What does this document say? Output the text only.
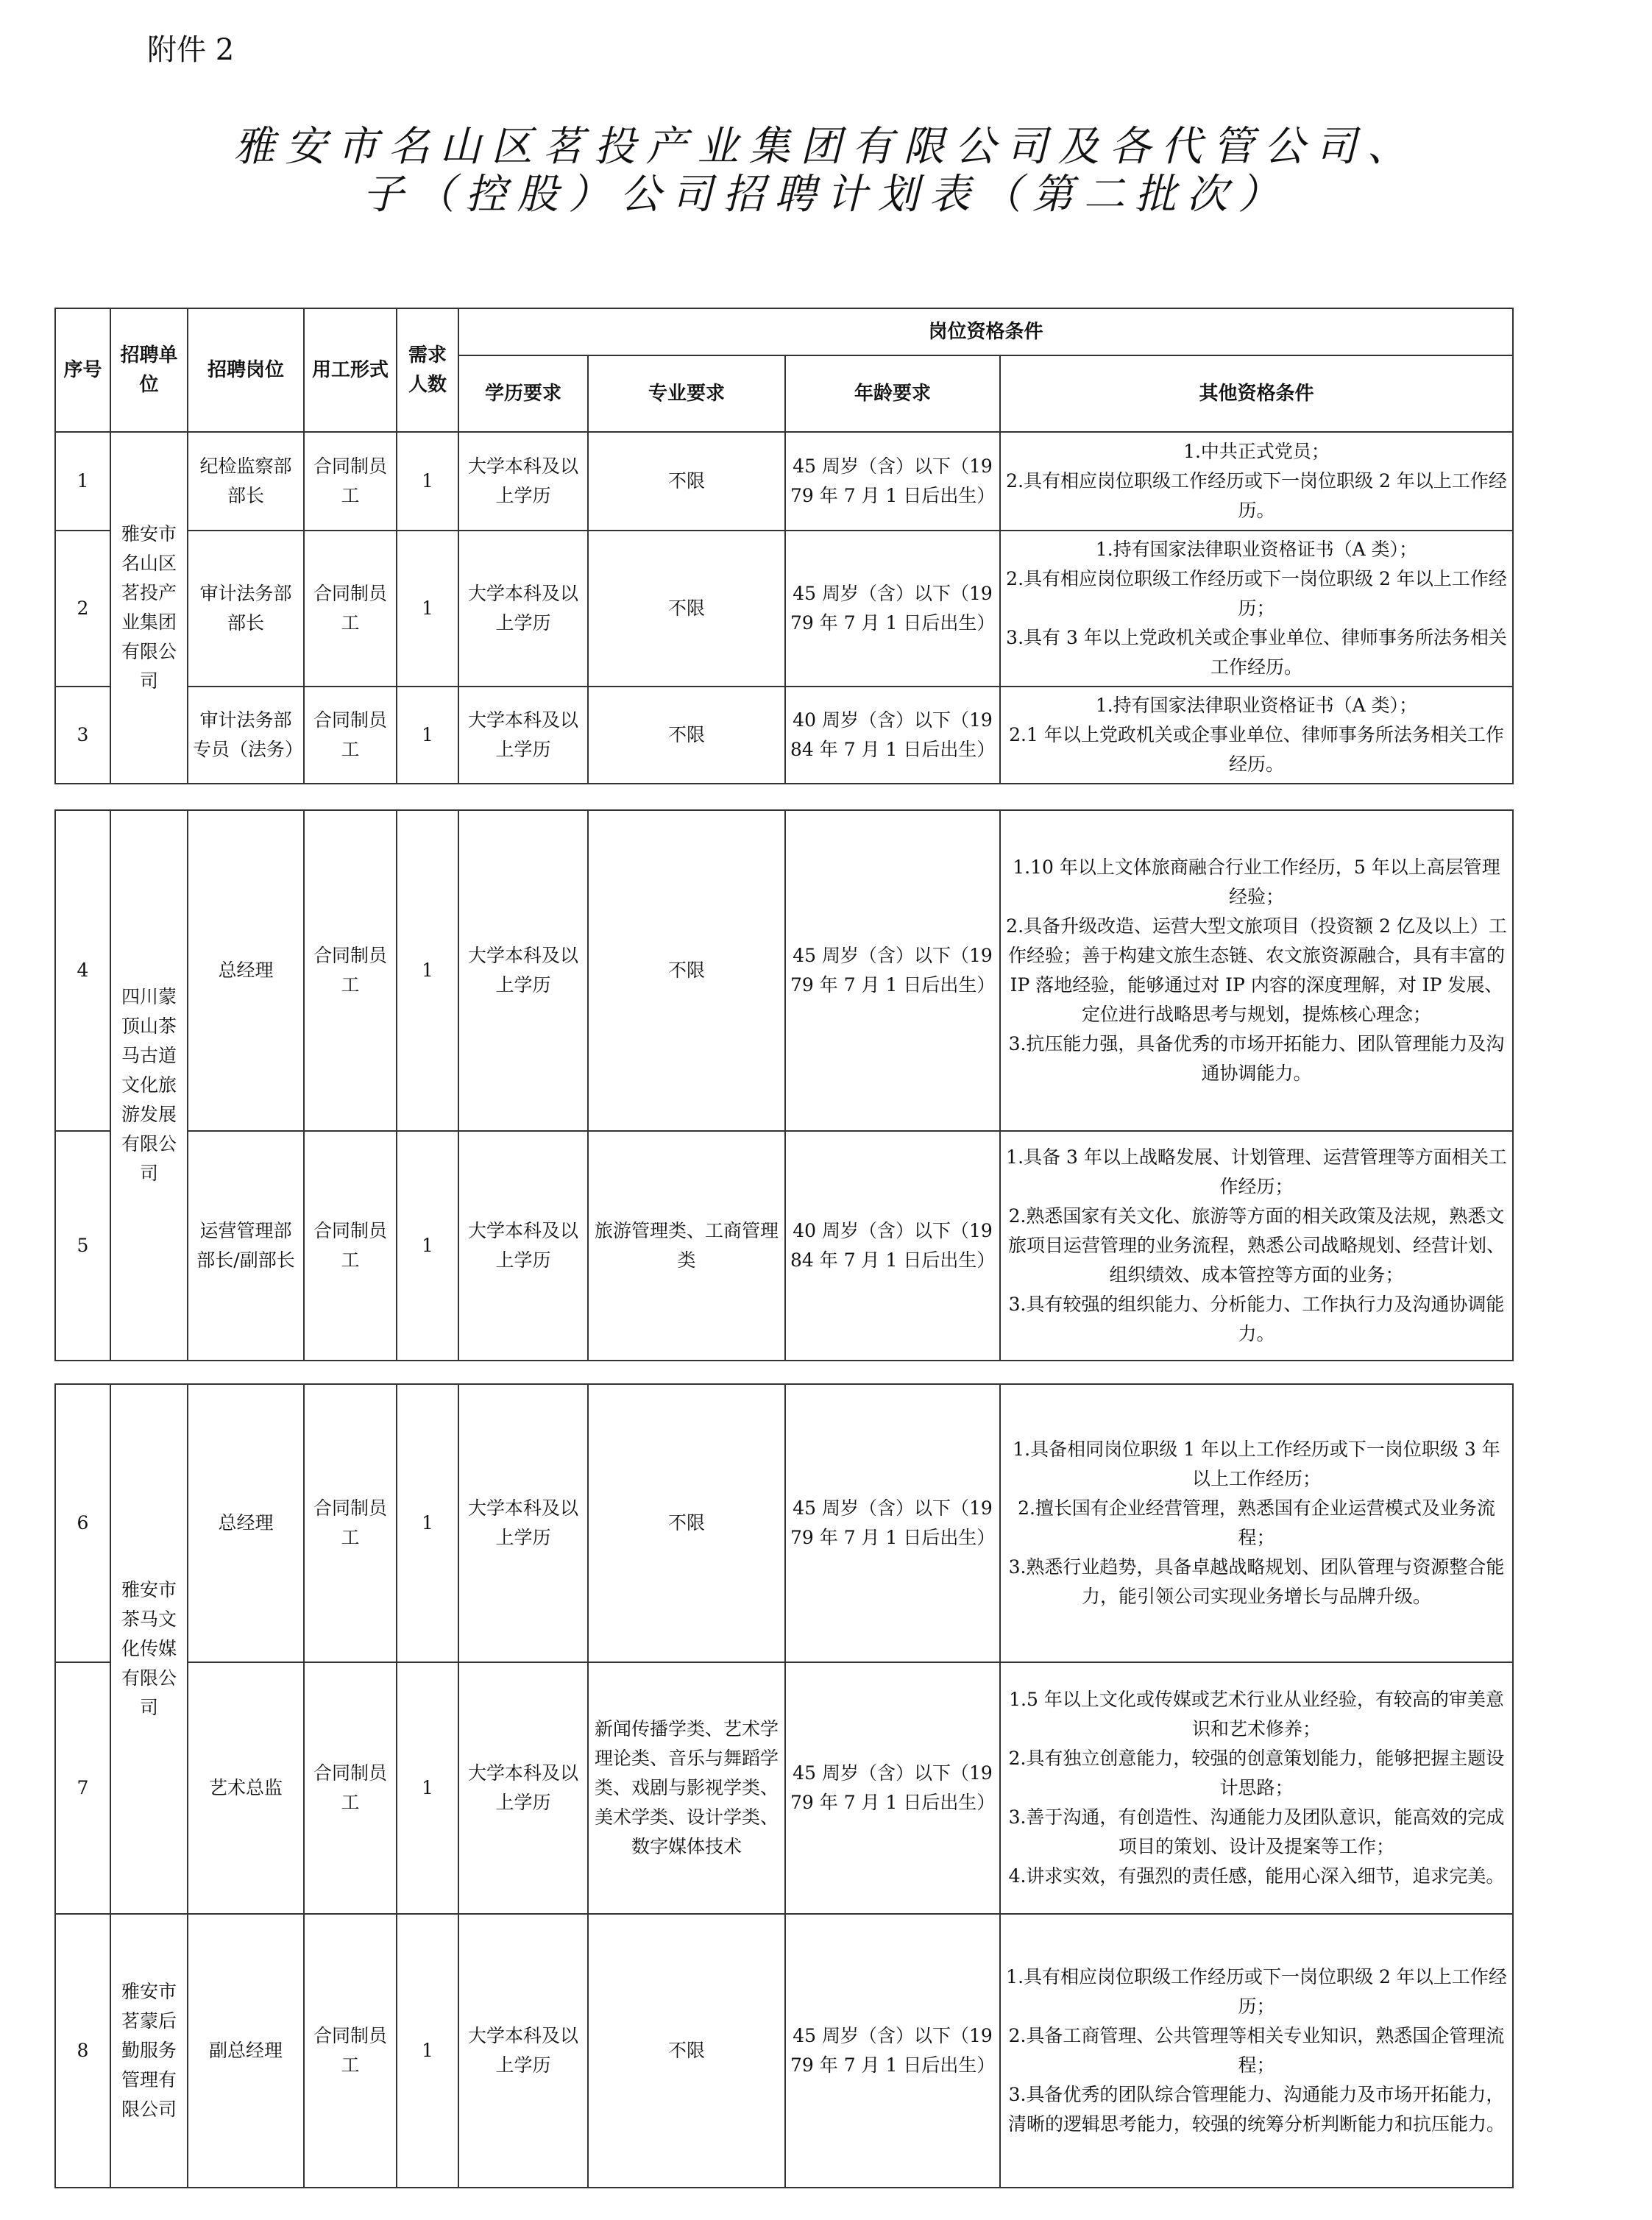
附件 2
雅安市名山区茗投产业集团有限公司及各代管公司、
子（控股）公司招聘计划表（第二批次）
序号	招聘单位	招聘岗位	用工形式	需求人数	岗位资格条件			
					学历要求	专业要求	年龄要求	其他资格条件
1	雅安市名山区茗投产业集团有限公司	纪检监察部部长	合同制员工	1	大学本科及以上学历	不限	45 周岁（含）以下（1979 年 7 月 1 日后出生）	1.中共正式党员；
2.具有相应岗位职级工作经历或下一岗位职级 2 年以上工作经历。

2		审计法务部部长	合同制员工	1	大学本科及以上学历	不限	45 周岁（含）以下（1979 年 7 月 1 日后出生）	1.持有国家法律职业资格证书（A 类）；
2.具有相应岗位职级工作经历或下一岗位职级 2 年以上工作经历；
3.具有 3 年以上党政机关或企事业单位、律师事务所法务相关工作经历。

3		审计法务部专员（法务）	合同制员工	1	大学本科及以上学历	不限	40 周岁（含）以下（1984 年 7 月 1 日后出生）	1.持有国家法律职业资格证书（A 类）；
2.1 年以上党政机关或企事业单位、律师事务所法务相关工作经历。
4	四川蒙顶山茶马古道文化旅游发展有限公司	总经理	合同制员工	1	大学本科及以上学历	不限	45 周岁（含）以下（1979 年 7 月 1 日后出生）	1.10 年以上文体旅商融合行业工作经历，5 年以上高层管理经验；
2.具备升级改造、运营大型文旅项目（投资额 2 亿及以上）工作经验；善于构建文旅生态链、农文旅资源融合，具有丰富的 IP 落地经验，能够通过对 IP 内容的深度理解，对 IP 发展、定位进行战略思考与规划，提炼核心理念；
3.抗压能力强，具备优秀的市场开拓能力、团队管理能力及沟通协调能力。

5		运营管理部部长/副部长	合同制员工	1	大学本科及以上学历	旅游管理类、工商管理类	40 周岁（含）以下（1984 年 7 月 1 日后出生）	1.具备 3 年以上战略发展、计划管理、运营管理等方面相关工作经历；
2.熟悉国家有关文化、旅游等方面的相关政策及法规，熟悉文旅项目运营管理的业务流程，熟悉公司战略规划、经营计划、组织绩效、成本管控等方面的业务；
3.具有较强的组织能力、分析能力、工作执行力及沟通协调能力。
6	雅安市茶马文化传媒有限公司	总经理	合同制员工	1	大学本科及以上学历	不限	45 周岁（含）以下（1979 年 7 月 1 日后出生）	1.具备相同岗位职级 1 年以上工作经历或下一岗位职级 3 年以上工作经历；
2.擅长国有企业经营管理，熟悉国有企业运营模式及业务流程；
3.熟悉行业趋势，具备卓越战略规划、团队管理与资源整合能力，能引领公司实现业务增长与品牌升级。

7		艺术总监	合同制员工	1	大学本科及以上学历	新闻传播学类、艺术学理论类、音乐与舞蹈学类、戏剧与影视学类、美术学类、设计学类、数字媒体技术	45 周岁（含）以下（1979 年 7 月 1 日后出生）	1.5 年以上文化或传媒或艺术行业从业经验，有较高的审美意识和艺术修养；
2.具有独立创意能力，较强的创意策划能力，能够把握主题设计思路；
3.善于沟通，有创造性、沟通能力及团队意识，能高效的完成项目的策划、设计及提案等工作；
4.讲求实效，有强烈的责任感，能用心深入细节，追求完美。

8	雅安市茗蒙后勤服务管理有限公司	副总经理	合同制员工	1	大学本科及以上学历	不限	45 周岁（含）以下（1979 年 7 月 1 日后出生）	1.具有相应岗位职级工作经历或下一岗位职级 2 年以上工作经历；
2.具备工商管理、公共管理等相关专业知识，熟悉国企管理流程；
3.具备优秀的团队综合管理能力、沟通能力及市场开拓能力，清晰的逻辑思考能力，较强的统筹分析判断能力和抗压能力。
